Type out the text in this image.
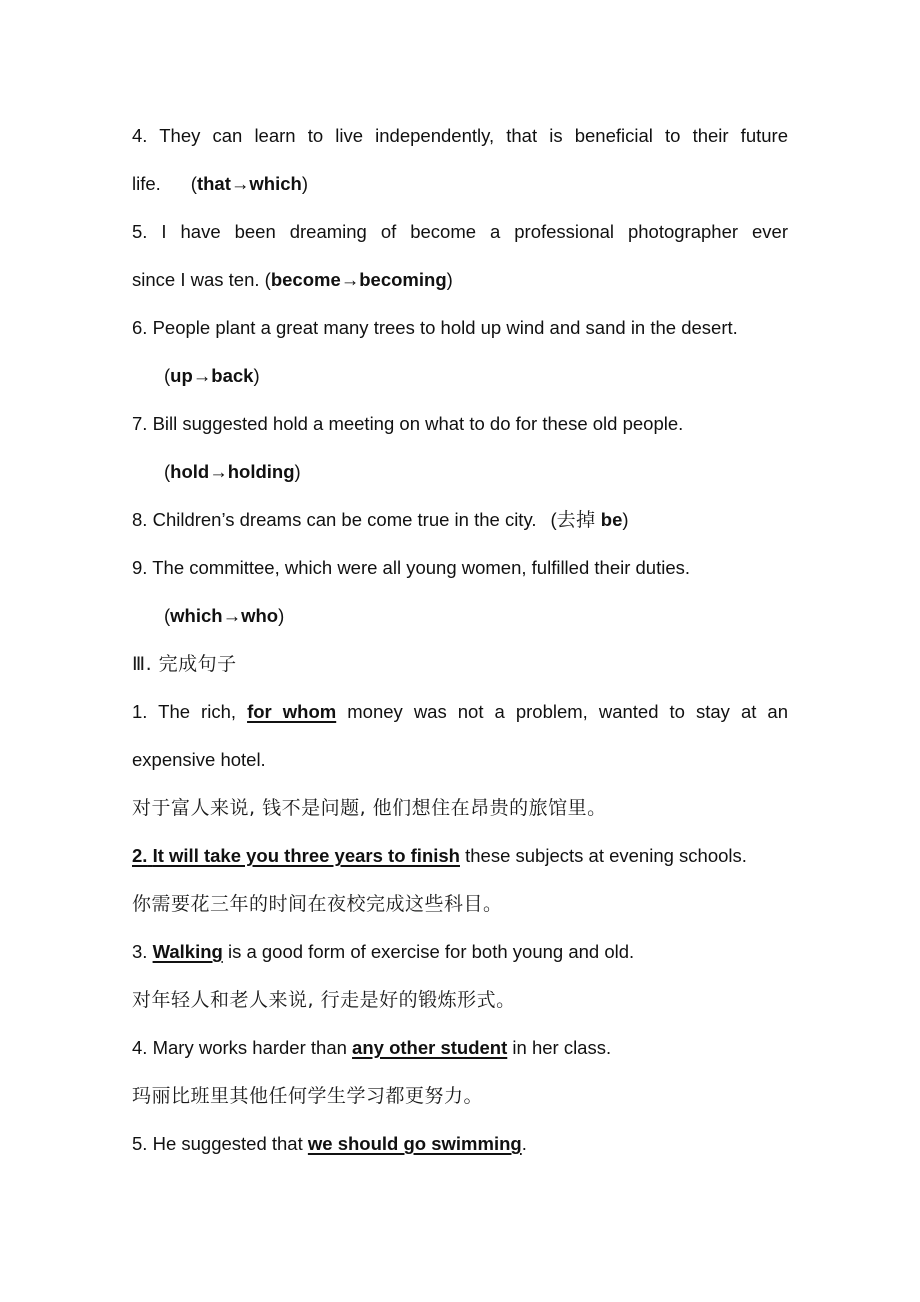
4. They can learn to live independently, that is beneficial to their future
life. (that→which)
5. I have been dreaming of become a professional photographer ever
since I was ten. (become→becoming)
6. People plant a great many trees to hold up wind and sand in the desert.
(up→back)
7. Bill suggested hold a meeting on what to do for these old people.
(hold→holding)
8. Children’s dreams can be come true in the city. (去掉 be)
9. The committee, which were all young women, fulfilled their duties.
(which→who)
Ⅲ. 完成句子
1. The rich, for whom money was not a problem, wanted to stay at an
expensive hotel.
对于富人来说, 钱不是问题, 他们想住在昂贵的旅馆里。
2. It will take you three years to finish these subjects at evening schools.
你需要花三年的时间在夜校完成这些科目。
3. Walking is a good form of exercise for both young and old.
对年轻人和老人来说, 行走是好的锻炼形式。
4. Mary works harder than any other student in her class.
玛丽比班里其他任何学生学习都更努力。
5. He suggested that we should go swimming.
